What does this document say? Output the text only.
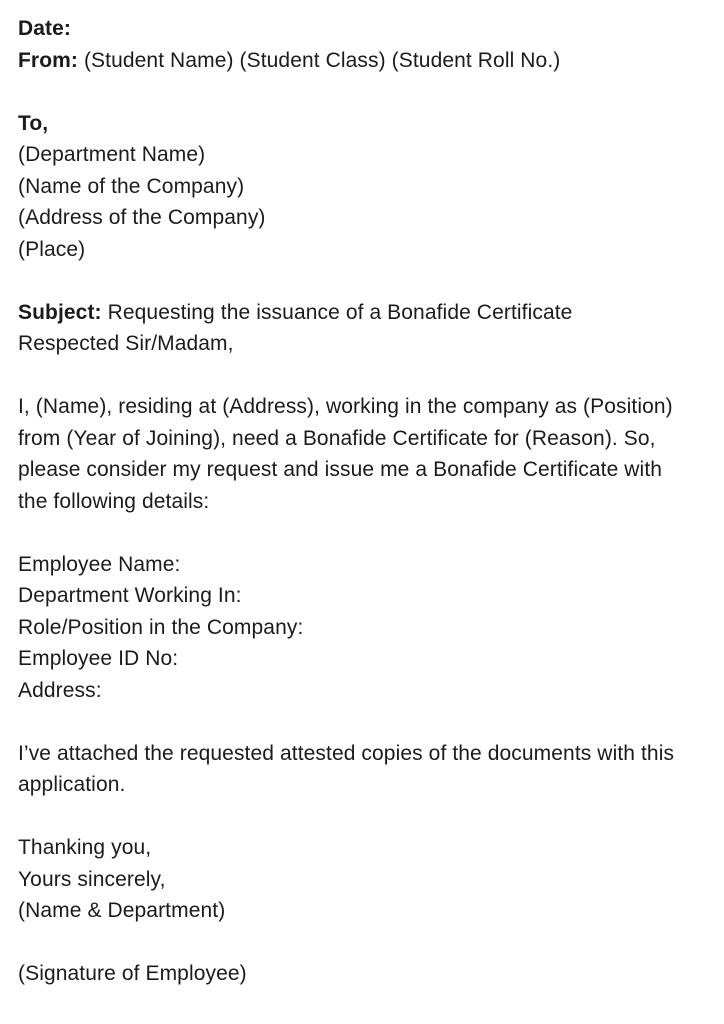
Date:
From: (Student Name) (Student Class) (Student Roll No.)
To,
(Department Name)
(Name of the Company)
(Address of the Company)
(Place)
Subject: Requesting the issuance of a Bonafide Certificate
Respected Sir/Madam,
I, (Name), residing at (Address), working in the company as (Position) from (Year of Joining), need a Bonafide Certificate for (Reason). So, please consider my request and issue me a Bonafide Certificate with the following details:
Employee Name:
Department Working In:
Role/Position in the Company:
Employee ID No:
Address:
I’ve attached the requested attested copies of the documents with this application.
Thanking you,
Yours sincerely,
(Name & Department)
(Signature of Employee)
